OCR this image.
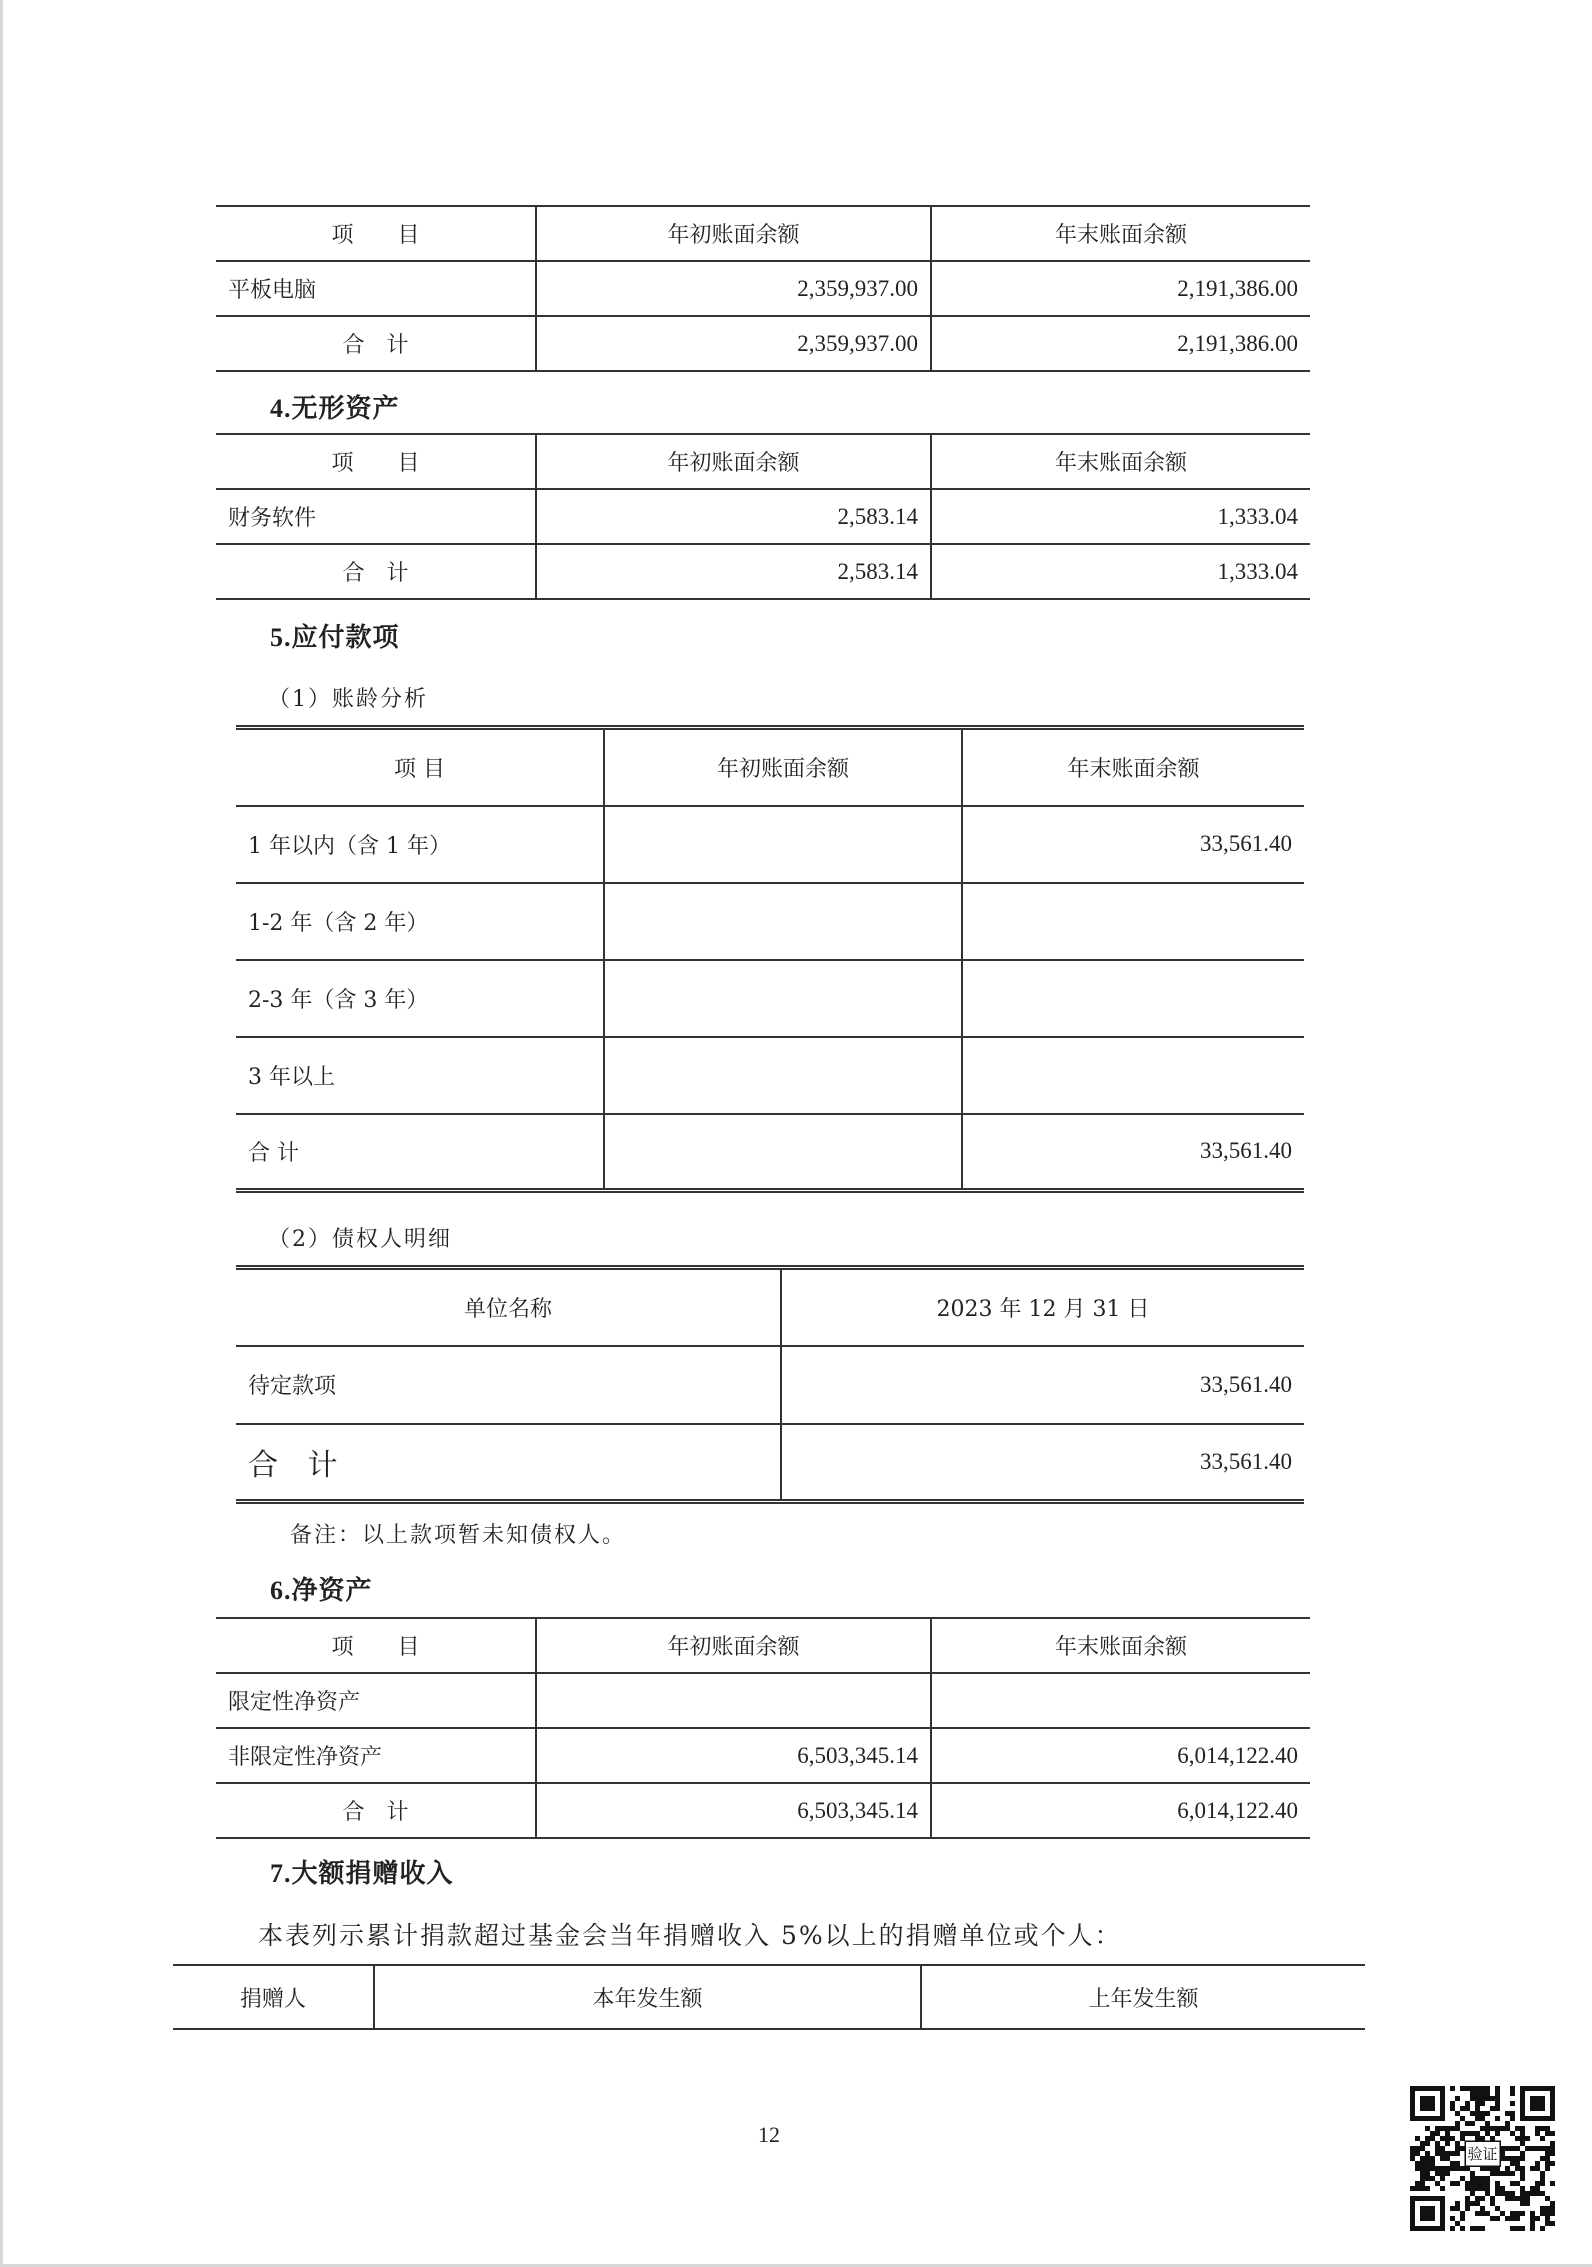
项　　目	年初账面余额	年末账面余额
平板电脑	2,359,937.00	2,191,386.00
合　计	2,359,937.00	2,191,386.00
4.无形资产
项　　目	年初账面余额	年末账面余额
财务软件	2,583.14	1,333.04
合　计	2,583.14	1,333.04
5.应付款项
（1）账龄分析
项 目	年初账面余额	年末账面余额
1 年以内（含 1 年）		33,561.40
1-2 年（含 2 年）		
2-3 年（含 3 年）		
3 年以上		
合 计		33,561.40
（2）债权人明细
单位名称	2023 年 12 月 31 日
待定款项	33,561.40
合 计	33,561.40
备注：以上款项暂未知债权人。
6.净资产
项　　目	年初账面余额	年末账面余额
限定性净资产		
非限定性净资产	6,503,345.14	6,014,122.40
合　计	6,503,345.14	6,014,122.40
7.大额捐赠收入
本表列示累计捐款超过基金会当年捐赠收入 5%以上的捐赠单位或个人：
捐赠人	本年发生额	上年发生额
12
验证
